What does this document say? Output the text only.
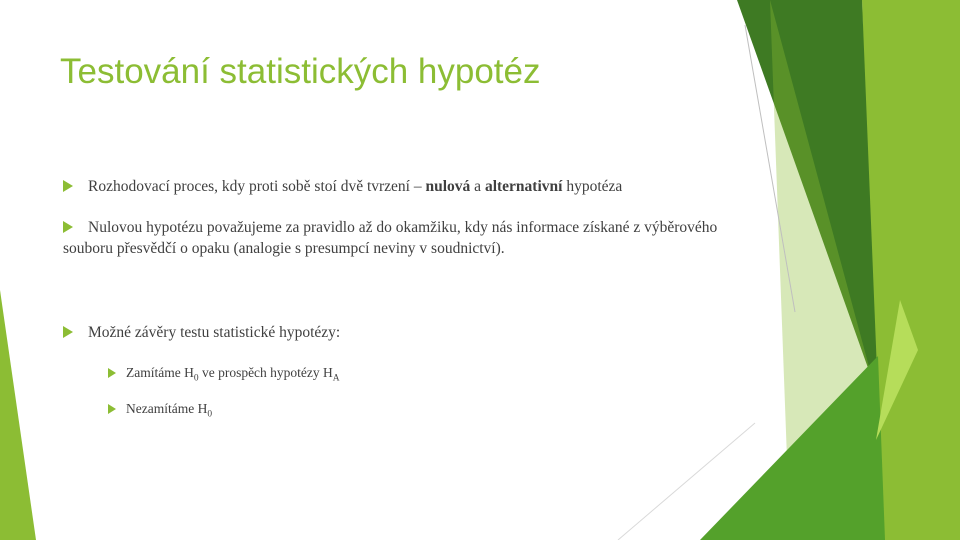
Testování statistických hypotéz
Rozhodovací proces, kdy proti sobě stoí dvě tvrzení – nulová a alternativní hypotéza
Nulovou hypotézu považujeme za pravidlo až do okamžiku, kdy nás informace získané z výběrového souboru přesvědčí o opaku (analogie s presumpcí neviny v soudnictví).
Možné závěry testu statistické hypotézy:
Zamítáme $H_0$ ve prospěch hypotézy $H_A$
Nezamítáme $H_0$
